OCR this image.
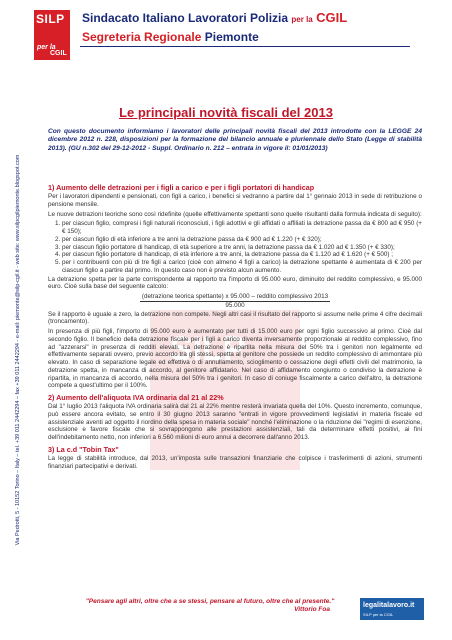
SILP
per la
CGIL
Sindacato Italiano Lavoratori Polizia per la CGIL
Segreteria Regionale Piemonte
Via Pedrotti, 5 - 10152 Torino – Italy – tel. +39 011 2442294 – fax +39 011 2442294 - e-mail: piemonte@silp-cgil.it - web site: www.silpcgilpiemonte.blogspot.com
Le principali novità fiscali del 2013
Con questo documento informiamo i lavoratori delle principali novità fiscali del 2013 introdotte con la LEGGE 24 dicembre 2012 n. 228, disposizioni per la formazione del bilancio annuale e pluriennale dello Stato (Legge di stabilità 2013). (GU n.302 del 29-12-2012 - Suppl. Ordinario n. 212 – entrata in vigore il: 01/01/2013)
SILP
1) Aumento delle detrazioni per i figli a carico e per i figli portatori di handicap

Per i lavoratori dipendenti e pensionati, con figli a carico, i benefici si vedranno a partire dal 1° gennaio 2013 in sede di retribuzione o pensione mensile.

Le nuove detrazioni teoriche sono così ridefinite (quelle effettivamente spettanti sono quelle risultanti dalla formula indicata di seguito):

1. per ciascun figlio, compresi i figli naturali riconosciuti, i figli adottivi e gli affidati o affiliati la detrazione passa da € 800 ad € 950 (+ € 150);
2. per ciascun figlio di età inferiore a tre anni la detrazione passa da € 900 ad € 1.220 (+ € 320);
3. per ciascun figlio portatore di handicap, di età superiore a tre anni, la detrazione passa da € 1.020 ad € 1.350 (+ € 330);
4. per ciascun figlio portatore di handicap, di età inferiore a tre anni, la detrazione passa da € 1.120 ad € 1.620 (+ € 500) ;
5. per i contribuenti con più di tre figli a carico (cioè con almeno 4 figli a carico) la detrazione spettante è aumentata di € 200 per ciascun figlio a partire dal primo. In questo caso non è previsto alcun aumento.

La detrazione spetta per la parte corrispondente al rapporto tra l'importo di 95.000 euro, diminuito del reddito complessivo, e 95.000 euro. Cioè sulla base del seguente calcolo:

(detrazione teorica spettante) x 95.000 – reddito complessivo 2013
95.000

Se il rapporto è uguale a zero, la detrazione non compete. Negli altri casi il risultato del rapporto si assume nelle prime 4 cifre decimali (troncamento).

In presenza di più figli, l'importo di 95.000 euro è aumentato per tutti di 15.000 euro per ogni figlio successivo al primo. Cioè dal secondo figlio. Il beneficio della detrazione fiscale per i figli a carico diventa inversamente proporzionale al reddito complessivo, fino ad "azzerarsi" in presenza di redditi elevati. La detrazione è ripartita nella misura del 50% tra i genitori non legalmente ed effettivamente separati ovvero, previo accordo tra gli stessi, spetta al genitore che possiede un reddito complessivo di ammontare più elevato. In caso di separazione legale ed effettiva o di annullamento, scioglimento o cessazione degli effetti civili del matrimonio, la detrazione spetta, in mancanza di accordo, al genitore affidatario. Nel caso di affidamento congiunto o condiviso la detrazione è ripartita, in mancanza di accordo, nella misura del 50% tra i genitori. In caso di coniuge fiscalmente a carico dell'altro, la detrazione compete a quest'ultimo per il 100%.

2) Aumento dell'aliquota IVA ordinaria dal 21 al 22%

Dal 1° luglio 2013 l'aliquota IVA ordinaria salirà dal 21 al 22% mentre resterà invariata quella del 10%. Questo incremento, comunque, può essere ancora evitato, se entro il 30 giugno 2013 saranno "entrati in vigore provvedimenti legislativi in materia fiscale ed assistenziale aventi ad oggetto il riordino della spesa in materia sociale" nonché l'eliminazione o la riduzione dei "regimi di esenzione, esclusione e favore fiscale che si sovrappongono alle prestazioni assistenziali, tali da determinare effetti positivi, ai fini dell'indebitamento netto, non inferiori a 6.560 milioni di euro annui a decorrere dall'anno 2013.

3) La c.d "Tobin Tax"

La legge di stabilità introduce, dal 2013, un'imposta sulle transazioni finanziarie che colpisce i trasferimenti di azioni, strumenti finanziari partecipativi e derivati.

"Pensare agli altri, oltre che a se stessi, pensare al futuro, oltre che al presente."
Vittorio Foa
legalitalavoro.it
SILP per la CGIL
